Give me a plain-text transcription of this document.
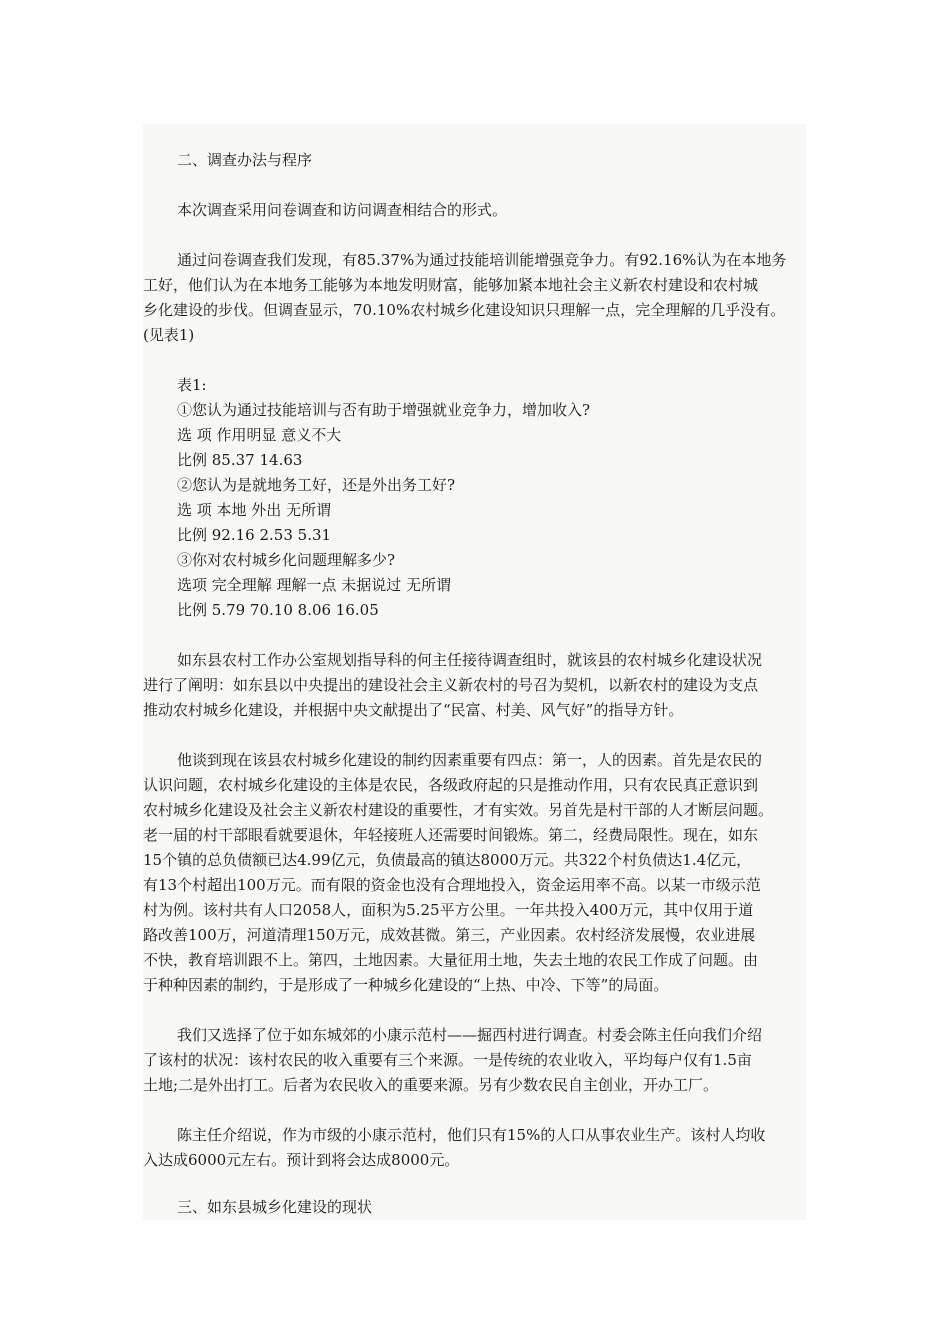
二、调查办法与程序
本次调查采用问卷调查和访问调查相结合的形式。
通过问卷调查我们发现，有85.37%为通过技能培训能增强竞争力。有92.16%认为在本地务
工好，他们认为在本地务工能够为本地发明财富，能够加紧本地社会主义新农村建设和农村城
乡化建设的步伐。但调查显示，70.10%农村城乡化建设知识只理解一点，完全理解的几乎没有。
(见表1)
表1:
①您认为通过技能培训与否有助于增强就业竞争力，增加收入?
选 项 作用明显 意义不大
比例 85.37 14.63
②您认为是就地务工好，还是外出务工好?
选 项 本地 外出 无所谓
比例 92.16 2.53 5.31
③你对农村城乡化问题理解多少?
选项 完全理解 理解一点 未据说过 无所谓
比例 5.79 70.10 8.06 16.05
如东县农村工作办公室规划指导科的何主任接待调查组时，就该县的农村城乡化建设状况
进行了阐明：如东县以中央提出的建设社会主义新农村的号召为契机，以新农村的建设为支点
推动农村城乡化建设，并根据中央文献提出了“民富、村美、风气好”的指导方针。
他谈到现在该县农村城乡化建设的制约因素重要有四点：第一，人的因素。首先是农民的
认识问题，农村城乡化建设的主体是农民，各级政府起的只是推动作用，只有农民真正意识到
农村城乡化建设及社会主义新农村建设的重要性，才有实效。另首先是村干部的人才断层问题。
老一届的村干部眼看就要退休，年轻接班人还需要时间锻炼。第二，经费局限性。现在，如东
15个镇的总负债额已达4.99亿元，负债最高的镇达8000万元。共322个村负债达1.4亿元，
有13个村超出100万元。而有限的资金也没有合理地投入，资金运用率不高。以某一市级示范
村为例。该村共有人口2058人，面积为5.25平方公里。一年共投入400万元，其中仅用于道
路改善100万，河道清理150万元，成效甚微。第三，产业因素。农村经济发展慢，农业进展
不快，教育培训跟不上。第四，土地因素。大量征用土地，失去土地的农民工作成了问题。由
于种种因素的制约，于是形成了一种城乡化建设的“上热、中冷、下等”的局面。
我们又选择了位于如东城郊的小康示范村——掘西村进行调查。村委会陈主任向我们介绍
了该村的状况：该村农民的收入重要有三个来源。一是传统的农业收入，平均每户仅有1.5亩
土地;二是外出打工。后者为农民收入的重要来源。另有少数农民自主创业，开办工厂。
陈主任介绍说，作为市级的小康示范村，他们只有15%的人口从事农业生产。该村人均收
入达成6000元左右。预计到将会达成8000元。
三、如东县城乡化建设的现状
